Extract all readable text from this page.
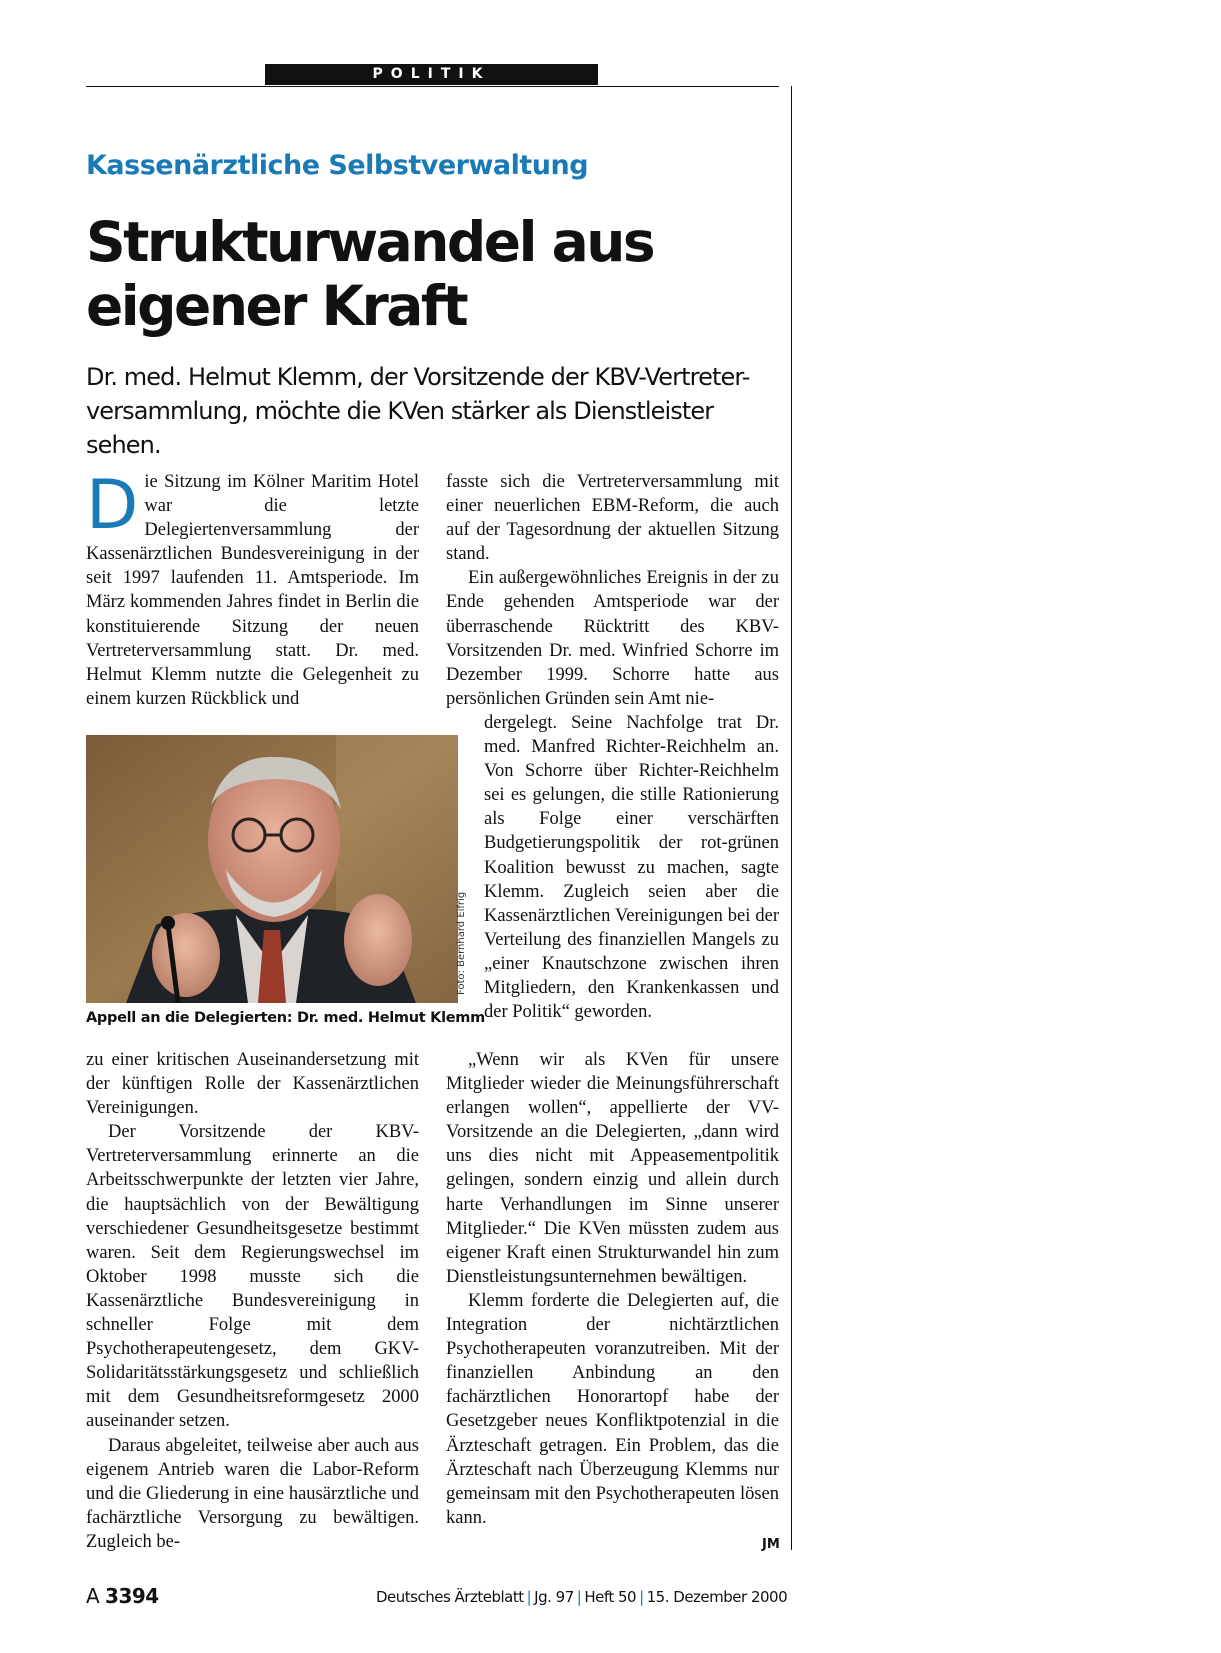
POLITIK
Kassenärztliche Selbstverwaltung
Strukturwandel aus
eigener Kraft
Dr. med. Helmut Klemm, der Vorsitzende der KBV-Vertreter-
versammlung, möchte die KVen stärker als Dienstleister sehen.
D ie Sitzung im Kölner Maritim Hotel war die letzte Delegiertenversammlung der Kassenärztlichen Bundesvereinigung in der seit 1997 laufenden 11. Amtsperiode. Im März kommenden Jahres findet in Berlin die konstituierende Sitzung der neuen Vertreterversammlung statt. Dr. med. Helmut Klemm nutzte die Gelegenheit zu einem kurzen Rückblick und

Foto: Bernhard Eifrig
Appell an die Delegierten: Dr. med. Helmut Klemm

zu einer kritischen Auseinandersetzung mit der künftigen Rolle der Kassenärztlichen Vereinigungen.

Der Vorsitzende der KBV-Vertreterversammlung erinnerte an die Arbeitsschwerpunkte der letzten vier Jahre, die hauptsächlich von der Bewältigung verschiedener Gesundheitsgesetze bestimmt waren. Seit dem Regierungswechsel im Oktober 1998 musste sich die Kassenärztliche Bundesvereinigung in schneller Folge mit dem Psychotherapeutengesetz, dem GKV-Solidaritätsstärkungsgesetz und schließlich mit dem Gesundheitsreformgesetz 2000 auseinander setzen.

Daraus abgeleitet, teilweise aber auch aus eigenem Antrieb waren die Labor-Reform und die Gliederung in eine hausärztliche und fachärztliche Versorgung zu bewältigen. Zugleich be-

fasste sich die Vertreterversammlung mit einer neuerlichen EBM-Reform, die auch auf der Tagesordnung der aktuellen Sitzung stand.

Ein außergewöhnliches Ereignis in der zu Ende gehenden Amtsperiode war der überraschende Rücktritt des KBV-Vorsitzenden Dr. med. Winfried Schorre im Dezember 1999. Schorre hatte aus persönlichen Gründen sein Amt nie-

dergelegt. Seine Nachfolge trat Dr. med. Manfred Richter-Reichhelm an. Von Schorre über Richter-Reichhelm sei es gelungen, die stille Rationierung als Folge einer verschärften Budgetierungspolitik der rot-grünen Koalition bewusst zu machen, sagte Klemm. Zugleich seien aber die Kassenärztlichen Vereinigungen bei der Verteilung des finanziellen Mangels zu „einer Knautschzone zwischen ihren Mitgliedern, den Krankenkassen und der Politik“ geworden.

„Wenn wir als KVen für unsere Mitglieder wieder die Meinungsführerschaft erlangen wollen“, appellierte der VV-Vorsitzende an die Delegierten, „dann wird uns dies nicht mit Appeasementpolitik gelingen, sondern einzig und allein durch harte Verhandlungen im Sinne unserer Mitglieder.“ Die KVen müssten zudem aus eigener Kraft einen Strukturwandel hin zum Dienstleistungsunternehmen bewältigen.

Klemm forderte die Delegierten auf, die Integration der nichtärztlichen Psychotherapeuten voranzutreiben. Mit der finanziellen Anbindung an den fachärztlichen Honorartopf habe der Gesetzgeber neues Konfliktpotenzial in die Ärzteschaft getragen. Ein Problem, das die Ärzteschaft nach Überzeugung Klemms nur gemeinsam mit den Psychotherapeuten lösen kann.

JM
A 3394	Deutsches Ärzteblatt | Jg. 97 | Heft 50 | 15. Dezember 2000
